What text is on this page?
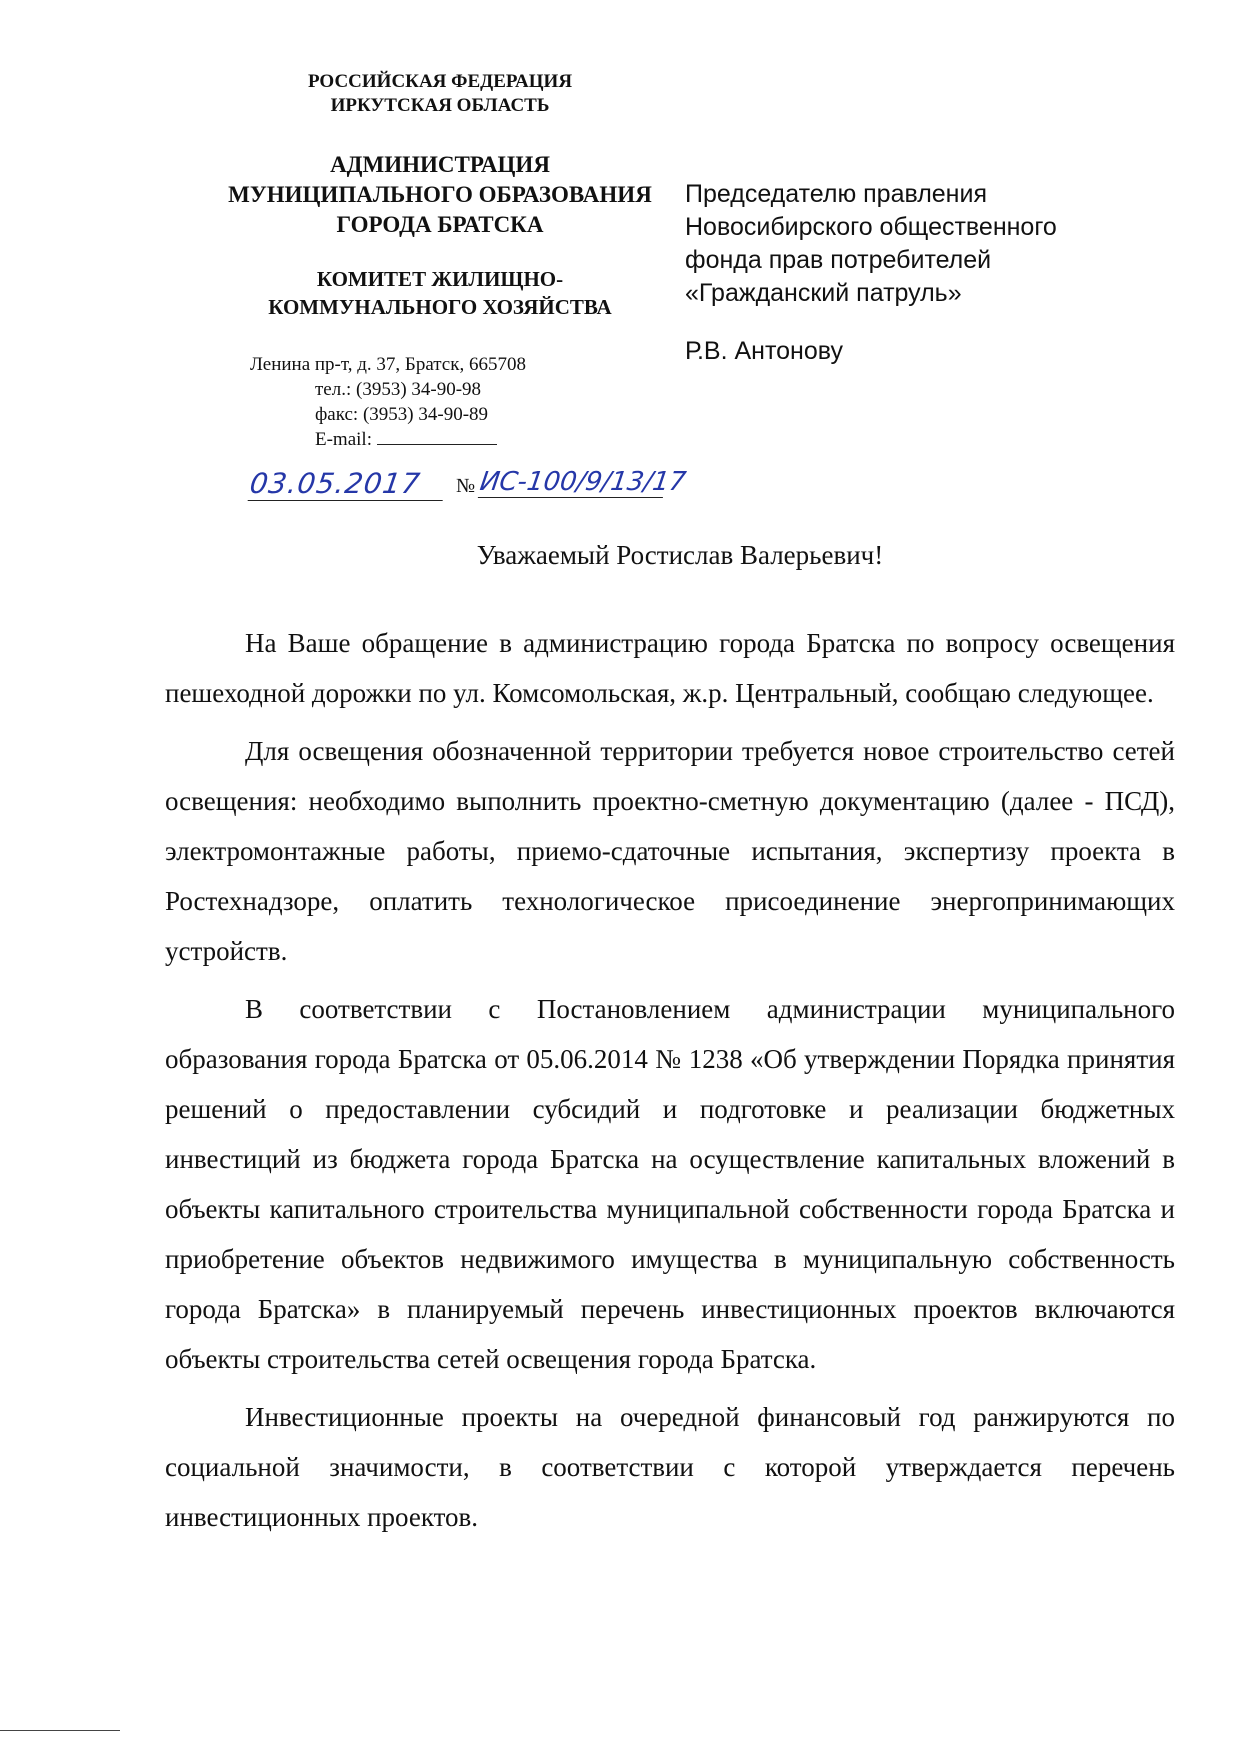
РОССИЙСКАЯ ФЕДЕРАЦИЯ
ИРКУТСКАЯ ОБЛАСТЬ
АДМИНИСТРАЦИЯ
МУНИЦИПАЛЬНОГО ОБРАЗОВАНИЯ
ГОРОДА БРАТСКА
КОМИТЕТ ЖИЛИЩНО-
КОММУНАЛЬНОГО ХОЗЯЙСТВА
Ленина пр-т, д. 37, Братск, 665708
тел.: (3953) 34-90-98
факс: (3953) 34-90-89
E-mail:
03.05.2017	№ ИС-100/9/13/17
Председателю правления
Новосибирского общественного
фонда прав потребителей
«Гражданский патруль»
Р.В. Антонову
Уважаемый Ростислав Валерьевич!

На Ваше обращение в администрацию города Братска по вопросу освещения пешеходной дорожки по ул. Комсомольская, ж.р. Центральный, сообщаю следующее.

Для освещения обозначенной территории требуется новое строительство сетей освещения: необходимо выполнить проектно-сметную документацию (далее - ПСД), электромонтажные работы, приемо-сдаточные испытания, экспертизу проекта в Ростехнадзоре, оплатить технологическое присоединение энергопринимающих устройств.

В соответствии с Постановлением администрации муниципального образования города Братска от 05.06.2014 № 1238 «Об утверждении Порядка принятия решений о предоставлении субсидий и подготовке и реализации бюджетных инвестиций из бюджета города Братска на осуществление капитальных вложений в объекты капитального строительства муниципальной собственности города Братска и приобретение объектов недвижимого имущества в муниципальную собственность города Братска» в планируемый перечень инвестиционных проектов включаются объекты строительства сетей освещения города Братска.

Инвестиционные проекты на очередной финансовый год ранжируются по социальной значимости, в соответствии с которой утверждается перечень инвестиционных проектов.
